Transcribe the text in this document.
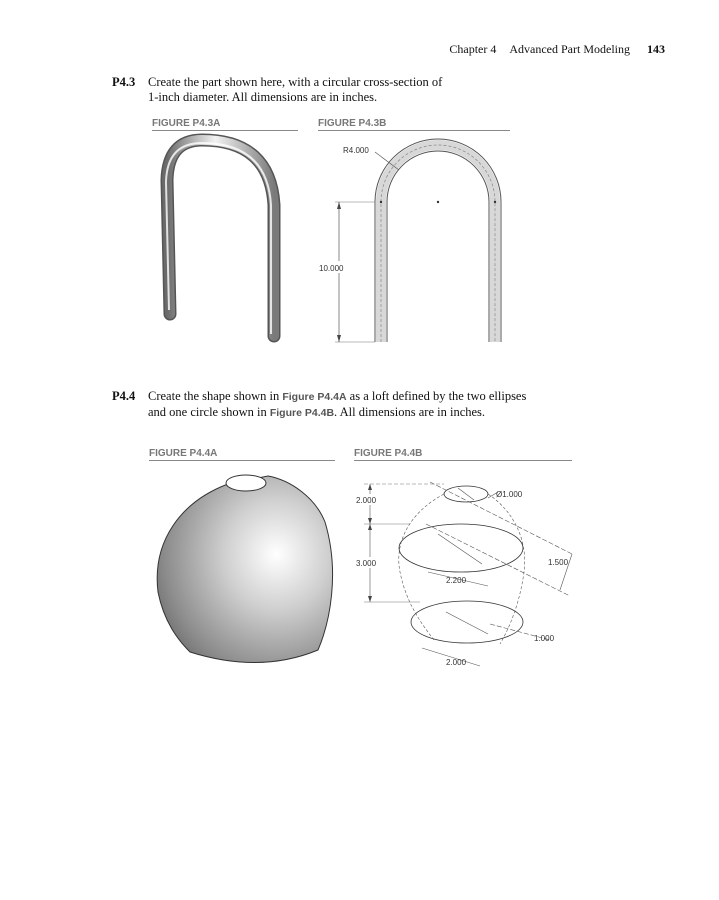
Chapter 4 Advanced Part Modeling 143
P4.3 Create the part shown here, with a circular cross-section of
1-inch diameter. All dimensions are in inches.
FIGURE P4.3A	FIGURE P4.3B
R4.000
10.000
P4.4 Create the shape shown in Figure P4.4A as a loft defined by the two ellipses
and one circle shown in Figure P4.4B. All dimensions are in inches.
FIGURE P4.4A	FIGURE P4.4B
2.000
3.000
Ø1.000
1.500
2.200
1.000
2.000
